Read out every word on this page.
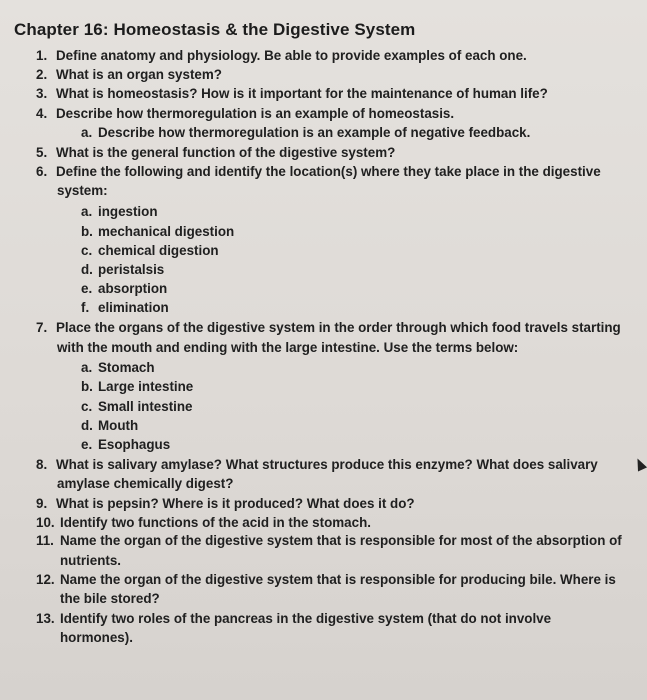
Chapter 16: Homeostasis & the Digestive System
1. Define anatomy and physiology. Be able to provide examples of each one.
2. What is an organ system?
3. What is homeostasis? How is it important for the maintenance of human life?
4. Describe how thermoregulation is an example of homeostasis.
a. Describe how thermoregulation is an example of negative feedback.
5. What is the general function of the digestive system?
6. Define the following and identify the location(s) where they take place in the digestive
system:
a. ingestion
b. mechanical digestion
c. chemical digestion
d. peristalsis
e. absorption
f. elimination
7. Place the organs of the digestive system in the order through which food travels starting
with the mouth and ending with the large intestine. Use the terms below:
a. Stomach
b. Large intestine
c. Small intestine
d. Mouth
e. Esophagus
8. What is salivary amylase? What structures produce this enzyme? What does salivary
amylase chemically digest?
9. What is pepsin? Where is it produced? What does it do?
10. Identify two functions of the acid in the stomach.
11. Name the organ of the digestive system that is responsible for most of the absorption of
nutrients.
12. Name the organ of the digestive system that is responsible for producing bile. Where is
the bile stored?
13. Identify two roles of the pancreas in the digestive system (that do not involve
hormones).
